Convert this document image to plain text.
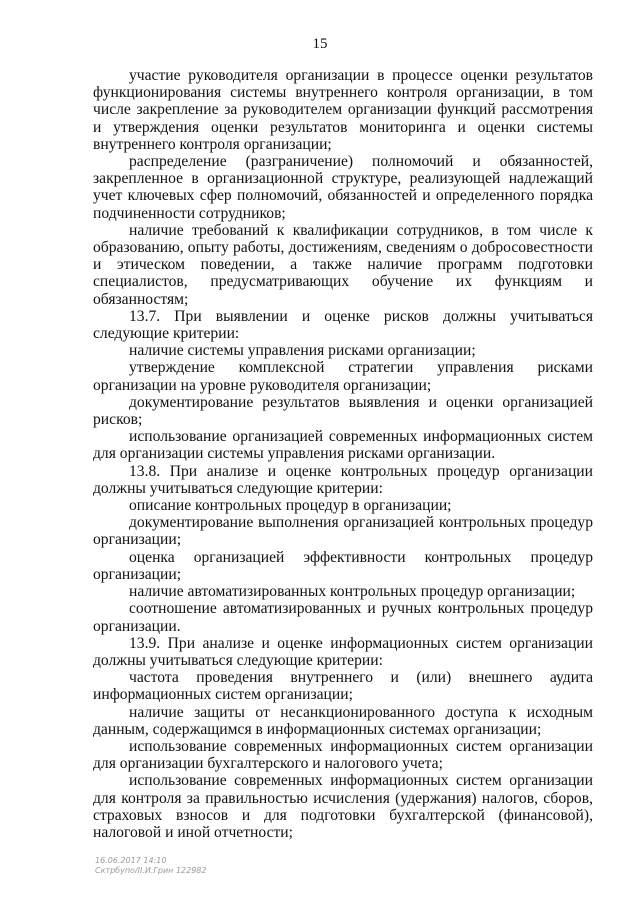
15

участие руководителя организации в процессе оценки результатов функционирования системы внутреннего контроля организации, в том числе закрепление за руководителем организации функций рассмотрения и утверждения оценки результатов мониторинга и оценки системы внутреннего контроля организации;

распределение (разграничение) полномочий и обязанностей, закрепленное в организационной структуре, реализующей надлежащий учет ключевых сфер полномочий, обязанностей и определенного порядка подчиненности сотрудников;

наличие требований к квалификации сотрудников, в том числе к образованию, опыту работы, достижениям, сведениям о добросовестности и этическом поведении, а также наличие программ подготовки специалистов, предусматривающих обучение их функциям и обязанностям;

13.7. При выявлении и оценке рисков должны учитываться следующие критерии:

наличие системы управления рисками организации;

утверждение комплексной стратегии управления рисками организации на уровне руководителя организации;

документирование результатов выявления и оценки организацией рисков;

использование организацией современных информационных систем для организации системы управления рисками организации.

13.8. При анализе и оценке контрольных процедур организации должны учитываться следующие критерии:

описание контрольных процедур в организации;

документирование выполнения организацией контрольных процедур организации;

оценка организацией эффективности контрольных процедур организации;

наличие автоматизированных контрольных процедур организации;

соотношение автоматизированных и ручных контрольных процедур организации.

13.9. При анализе и оценке информационных систем организации должны учитываться следующие критерии:

частота проведения внутреннего и (или) внешнего аудита информационных систем организации;

наличие защиты от несанкционированного доступа к исходным данным, содержащимся в информационных системах организации;

использование современных информационных систем организации для организации бухгалтерского и налогового учета;

использование современных информационных систем организации для контроля за правильностью исчисления (удержания) налогов, сборов, страховых взносов и для подготовки бухгалтерской (финансовой), налоговой и иной отчетности;

16.06.2017 14:10
Сктрбупо/II.И.Грин 122982
